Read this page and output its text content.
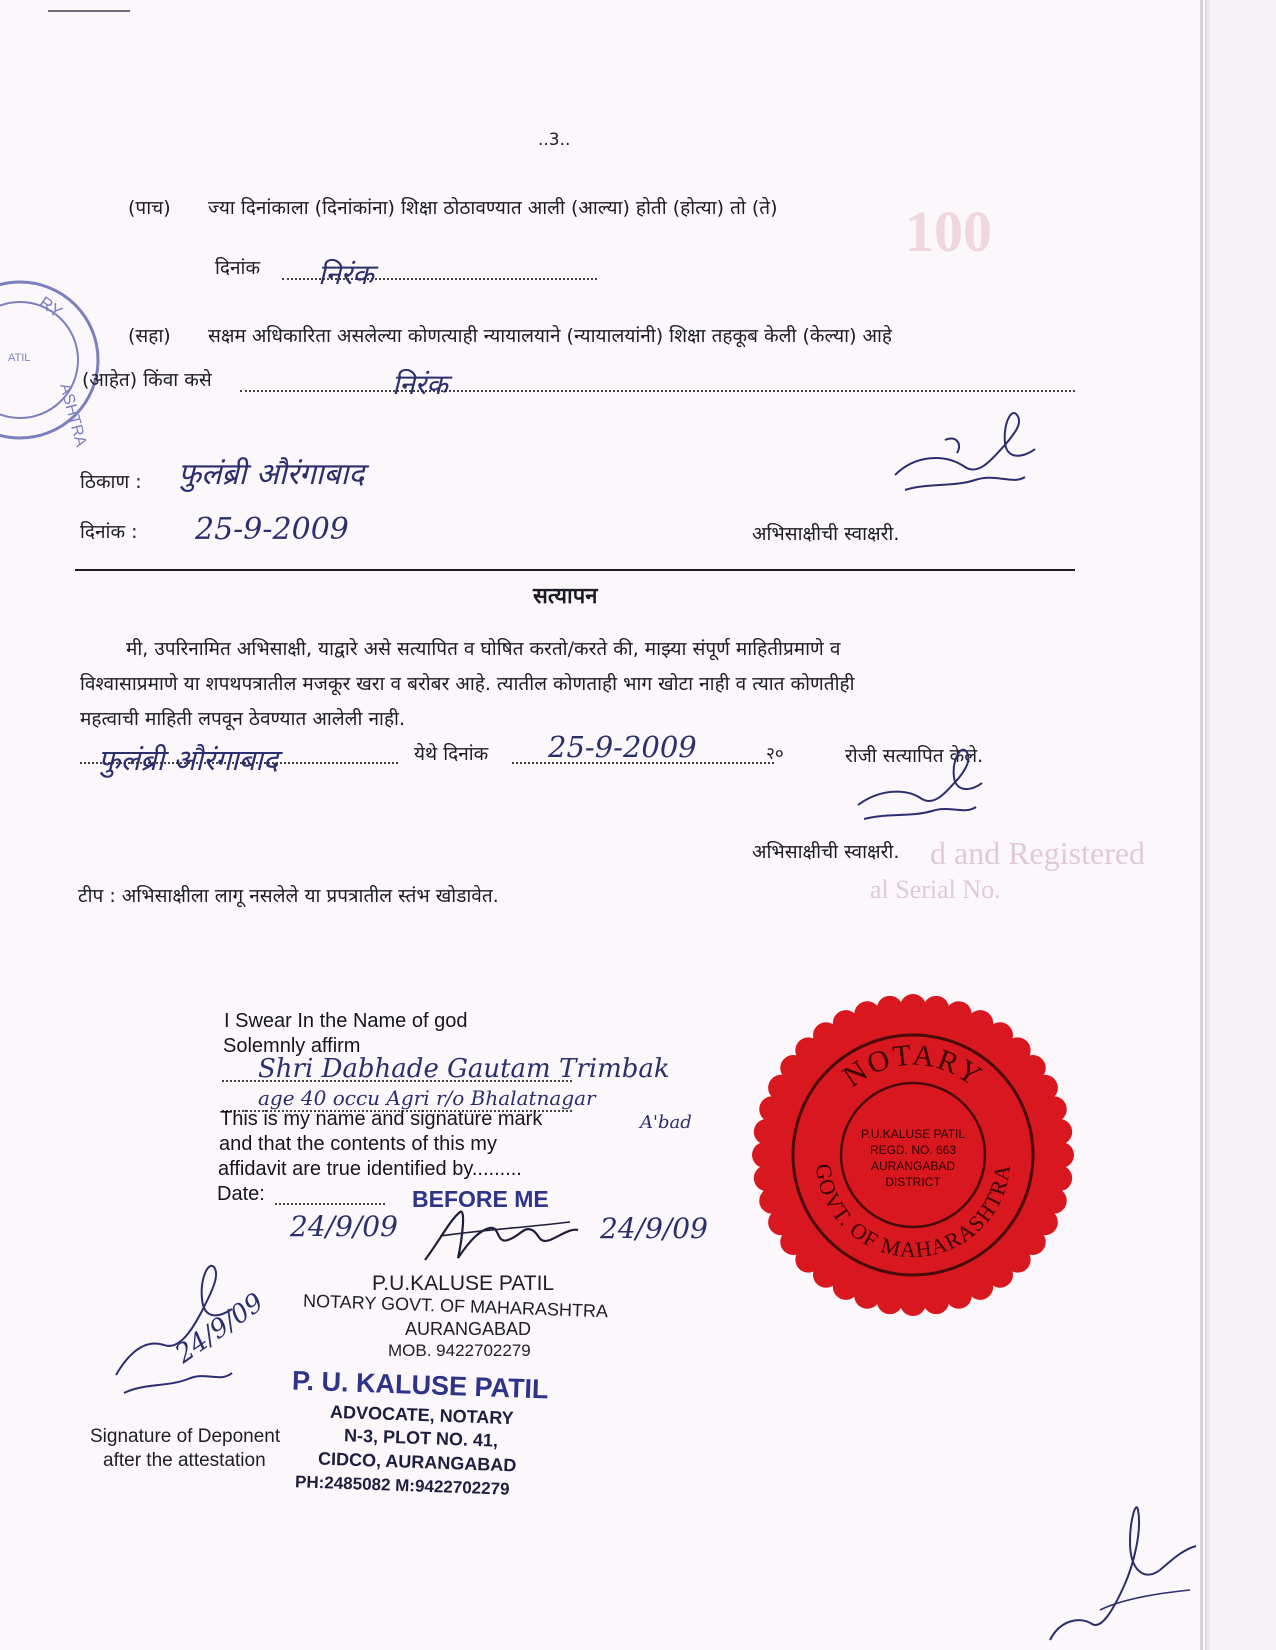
100
d and Registered
al Serial No.
RY
ASHTRA
ATIL
..3..
(पाच) ज्या दिनांकाला (दिनांकांना) शिक्षा ठोठावण्यात आली (आल्या) होती (होत्या) तो (ते)
दिनांक निरंक
(सहा) सक्षम अधिकारिता असलेल्या कोणत्याही न्यायालयाने (न्यायालयांनी) शिक्षा तहकूब केली (केल्या) आहे
(आहेत) किंवा कसे	निरंक
ठिकाण : फुलंब्री औरंगाबाद
दिनांक : 25-9-2009	अभिसाक्षीची स्वाक्षरी.
सत्यापन
मी, उपरिनामित अभिसाक्षी, याद्वारे असे सत्यापित व घोषित करतो/करते की, माझ्या संपूर्ण माहितीप्रमाणे व
विश्वासाप्रमाणे या शपथपत्रातील मजकूर खरा व बरोबर आहे. त्यातील कोणताही भाग खोटा नाही व त्यात कोणतीही
महत्वाची माहिती लपवून ठेवण्यात आलेली नाही.
फुलंब्री औरंगाबाद	येथे दिनांक 25-9-2009	२०	रोजी सत्यापित केले.
अभिसाक्षीची स्वाक्षरी.
टीप : अभिसाक्षीला लागू नसलेले या प्रपत्रातील स्तंभ खोडावेत.
I Swear In the Name of god
Solemnly affirm
Shri Dabhade Gautam Trimbak
age 40 occu Agri r/o Bhalatnagar
A'bad
This is my name and signature mark
and that the contents of this my
affidavit are true identified by.........
Date:	BEFORE ME
24/9/09	24/9/09
P.U.KALUSE PATIL
NOTARY GOVT. OF MAHARASHTRA
AURANGABAD
MOB. 9422702279
P. U. KALUSE PATIL
ADVOCATE, NOTARY
N-3, PLOT NO. 41,
CIDCO, AURANGABAD
PH:2485082 M:9422702279
24/9/09
Signature of Deponent
after the attestation
NOTARY
GOVT. OF MAHARASHTRA
P.U.KALUSE PATIL
REGD. NO. 663
AURANGABAD
DISTRICT
